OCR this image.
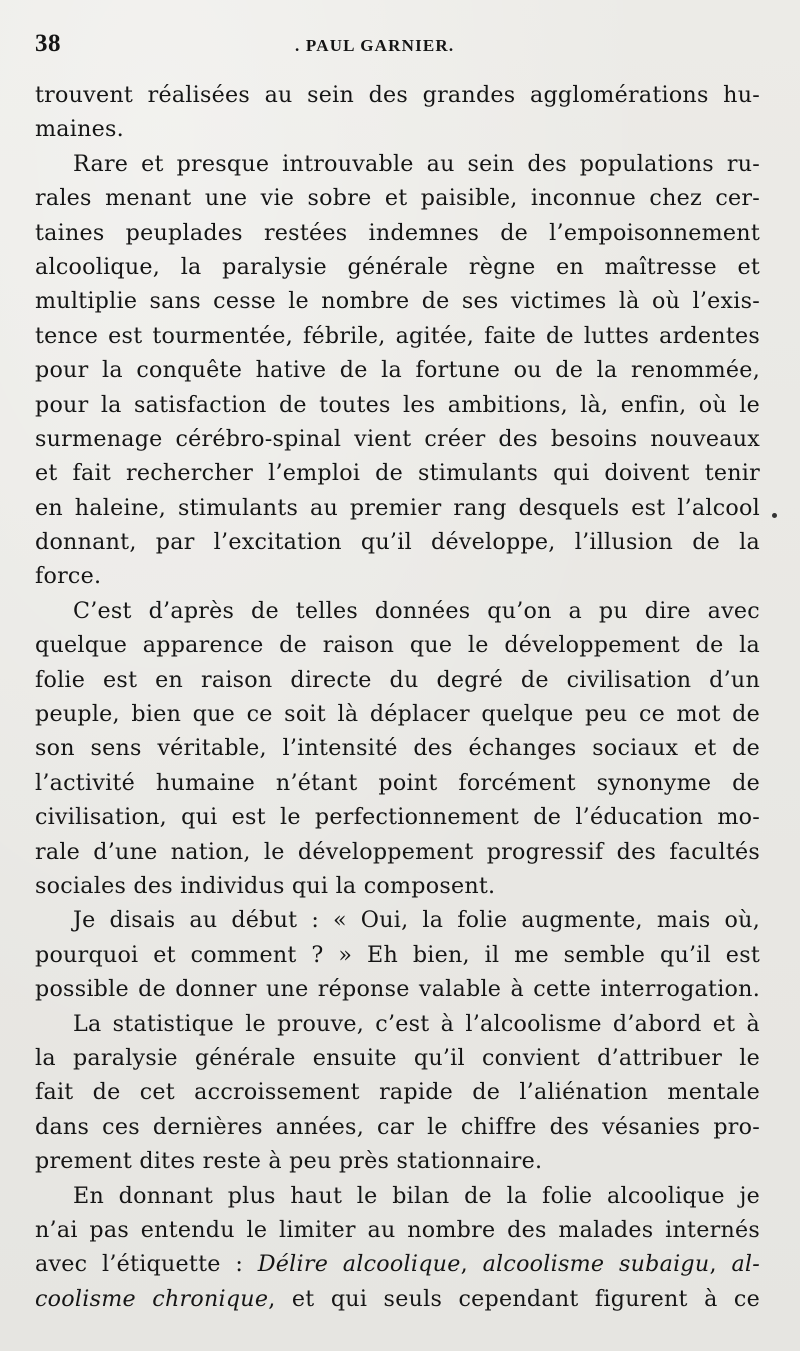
38	. PAUL GARNIER.
trouvent réalisées au sein des grandes agglomérations hu-
maines.
Rare et presque introuvable au sein des populations ru-
rales menant une vie sobre et paisible, inconnue chez cer-
taines peuplades restées indemnes de l’empoisonnement
alcoolique, la paralysie générale règne en maîtresse et
multiplie sans cesse le nombre de ses victimes là où l’exis-
tence est tourmentée, fébrile, agitée, faite de luttes ardentes
pour la conquête hative de la fortune ou de la renommée,
pour la satisfaction de toutes les ambitions, là, enfin, où le
surmenage cérébro-spinal vient créer des besoins nouveaux
et fait rechercher l’emploi de stimulants qui doivent tenir
en haleine, stimulants au premier rang desquels est l’alcool
donnant, par l’excitation qu’il développe, l’illusion de la
force.
C’est d’après de telles données qu’on a pu dire avec
quelque apparence de raison que le développement de la
folie est en raison directe du degré de civilisation d’un
peuple, bien que ce soit là déplacer quelque peu ce mot de
son sens véritable, l’intensité des échanges sociaux et de
l’activité humaine n’étant point forcément synonyme de
civilisation, qui est le perfectionnement de l’éducation mo-
rale d’une nation, le développement progressif des facultés
sociales des individus qui la composent.
Je disais au début : « Oui, la folie augmente, mais où,
pourquoi et comment ? » Eh bien, il me semble qu’il est
possible de donner une réponse valable à cette interrogation.
La statistique le prouve, c’est à l’alcoolisme d’abord et à
la paralysie générale ensuite qu’il convient d’attribuer le
fait de cet accroissement rapide de l’aliénation mentale
dans ces dernières années, car le chiffre des vésanies pro-
prement dites reste à peu près stationnaire.
En donnant plus haut le bilan de la folie alcoolique je
n’ai pas entendu le limiter au nombre des malades internés
avec l’étiquette : Délire alcoolique, alcoolisme subaigu, al-
coolisme chronique, et qui seuls cependant figurent à ce
